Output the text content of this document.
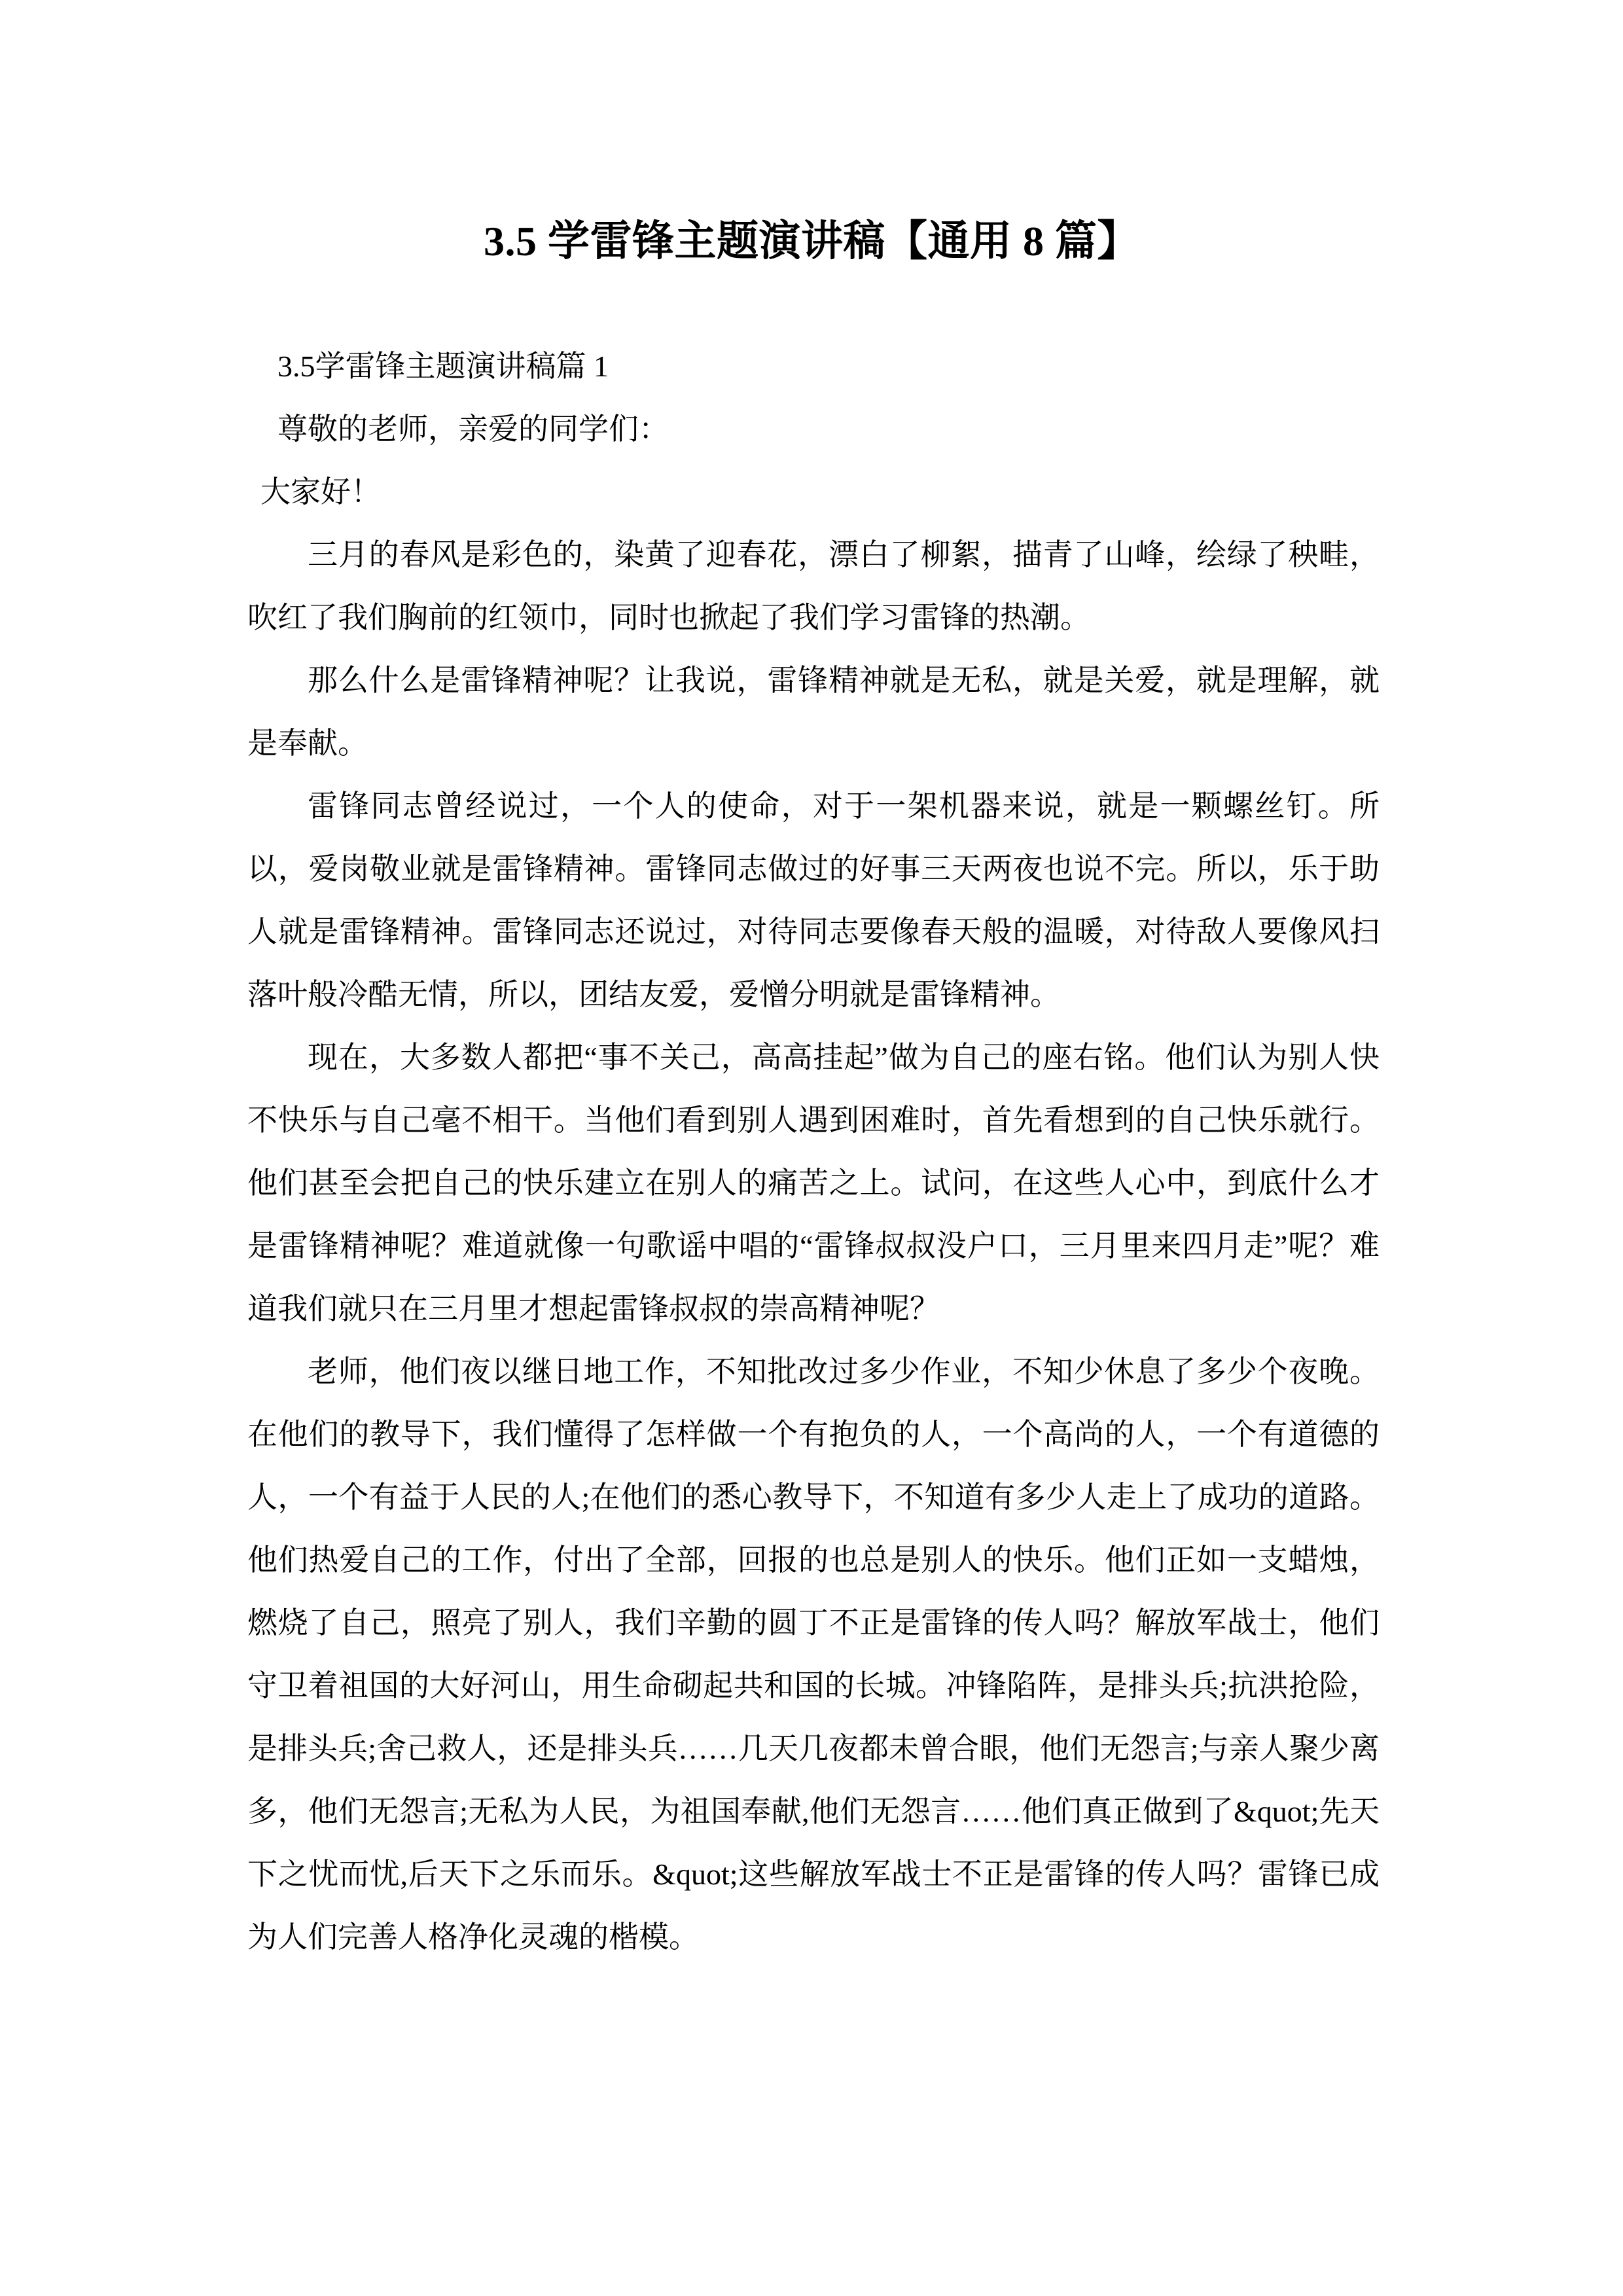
3.5 学雷锋主题演讲稿【通用 8 篇】

3.5学雷锋主题演讲稿篇 1

尊敬的老师，亲爱的同学们：

大家好！

三月的春风是彩色的，染黄了迎春花，漂白了柳絮，描青了山峰，绘绿了秧畦，吹红了我们胸前的红领巾，同时也掀起了我们学习雷锋的热潮。

那么什么是雷锋精神呢？让我说，雷锋精神就是无私，就是关爱，就是理解，就是奉献。

雷锋同志曾经说过，一个人的使命，对于一架机器来说，就是一颗螺丝钉。所以，爱岗敬业就是雷锋精神。雷锋同志做过的好事三天两夜也说不完。所以，乐于助人就是雷锋精神。雷锋同志还说过，对待同志要像春天般的温暖，对待敌人要像风扫落叶般冷酷无情，所以，团结友爱，爱憎分明就是雷锋精神。

现在，大多数人都把“事不关己，高高挂起”做为自己的座右铭。他们认为别人快不快乐与自己毫不相干。当他们看到别人遇到困难时，首先看想到的自己快乐就行。他们甚至会把自己的快乐建立在别人的痛苦之上。试问，在这些人心中，到底什么才是雷锋精神呢？难道就像一句歌谣中唱的“雷锋叔叔没户口，三月里来四月走”呢？难道我们就只在三月里才想起雷锋叔叔的崇高精神呢？

老师，他们夜以继日地工作，不知批改过多少作业，不知少休息了多少个夜晚。在他们的教导下，我们懂得了怎样做一个有抱负的人，一个高尚的人，一个有道德的人，一个有益于人民的人;在他们的悉心教导下，不知道有多少人走上了成功的道路。他们热爱自己的工作，付出了全部，回报的也总是别人的快乐。他们正如一支蜡烛，燃烧了自己，照亮了别人，我们辛勤的圆丁不正是雷锋的传人吗？解放军战士，他们守卫着祖国的大好河山，用生命砌起共和国的长城。冲锋陷阵，是排头兵;抗洪抢险，是排头兵;舍己救人，还是排头兵……几天几夜都未曾合眼，他们无怨言;与亲人聚少离多，他们无怨言;无私为人民，为祖国奉献,他们无怨言……他们真正做到了&quot;先天下之忧而忧,后天下之乐而乐。&quot;这些解放军战士不正是雷锋的传人吗？雷锋已成为人们完善人格净化灵魂的楷模。
